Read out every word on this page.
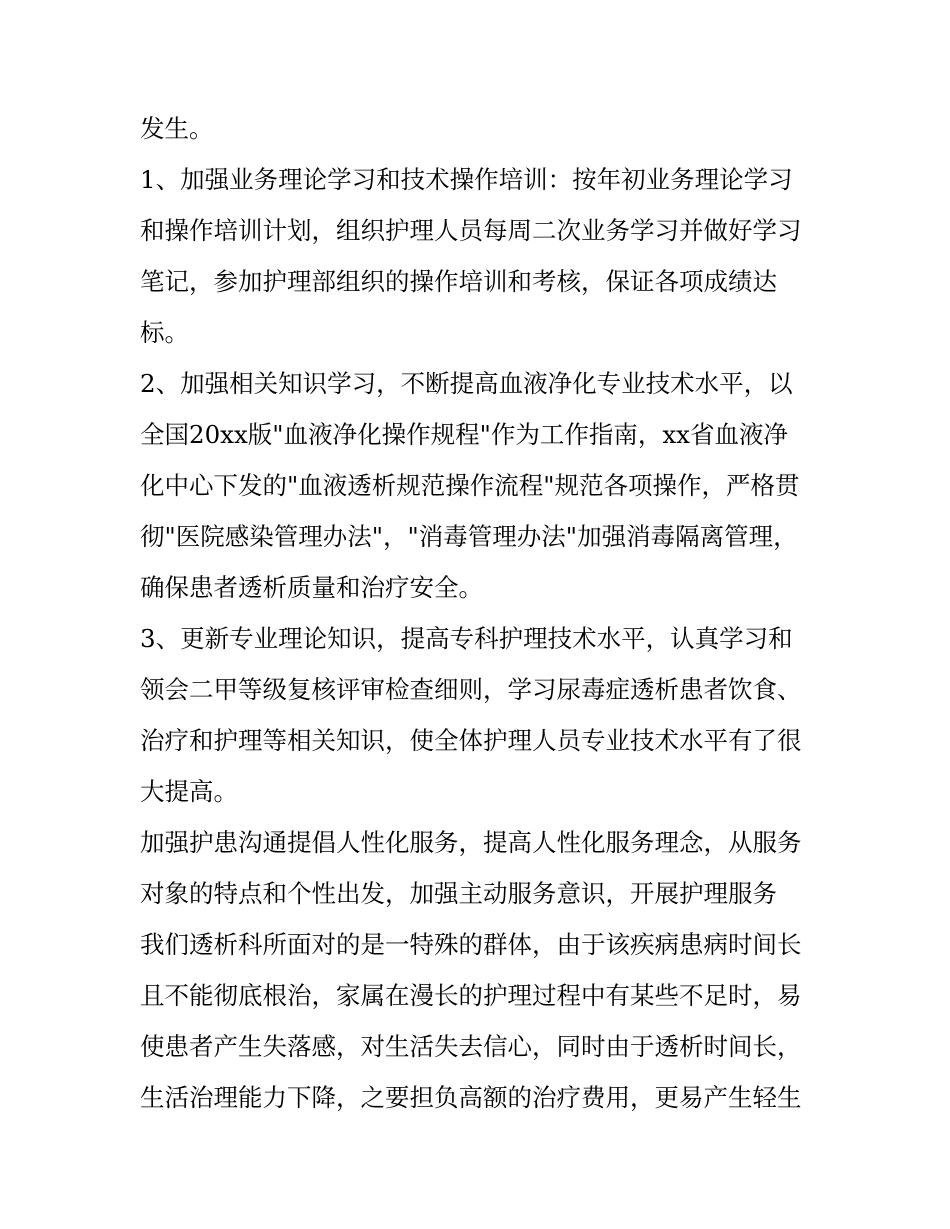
发生。
1、加强业务理论学习和技术操作培训：按年初业务理论学习
和操作培训计划，组织护理人员每周二次业务学习并做好学习
笔记，参加护理部组织的操作培训和考核，保证各项成绩达
标。
2、加强相关知识学习，不断提高血液净化专业技术水平，以
全国20xx版"血液净化操作规程"作为工作指南，xx省血液净
化中心下发的"血液透析规范操作流程"规范各项操作，严格贯
彻"医院感染管理办法"，"消毒管理办法"加强消毒隔离管理，
确保患者透析质量和治疗安全。
3、更新专业理论知识，提高专科护理技术水平，认真学习和
领会二甲等级复核评审检查细则，学习尿毒症透析患者饮食、
治疗和护理等相关知识，使全体护理人员专业技术水平有了很
大提高。
加强护患沟通提倡人性化服务，提高人性化服务理念，从服务
对象的特点和个性出发，加强主动服务意识，开展护理服务
我们透析科所面对的是一特殊的群体，由于该疾病患病时间长
且不能彻底根治，家属在漫长的护理过程中有某些不足时，易
使患者产生失落感，对生活失去信心，同时由于透析时间长，
生活治理能力下降，之要担负高额的治疗费用，更易产生轻生
